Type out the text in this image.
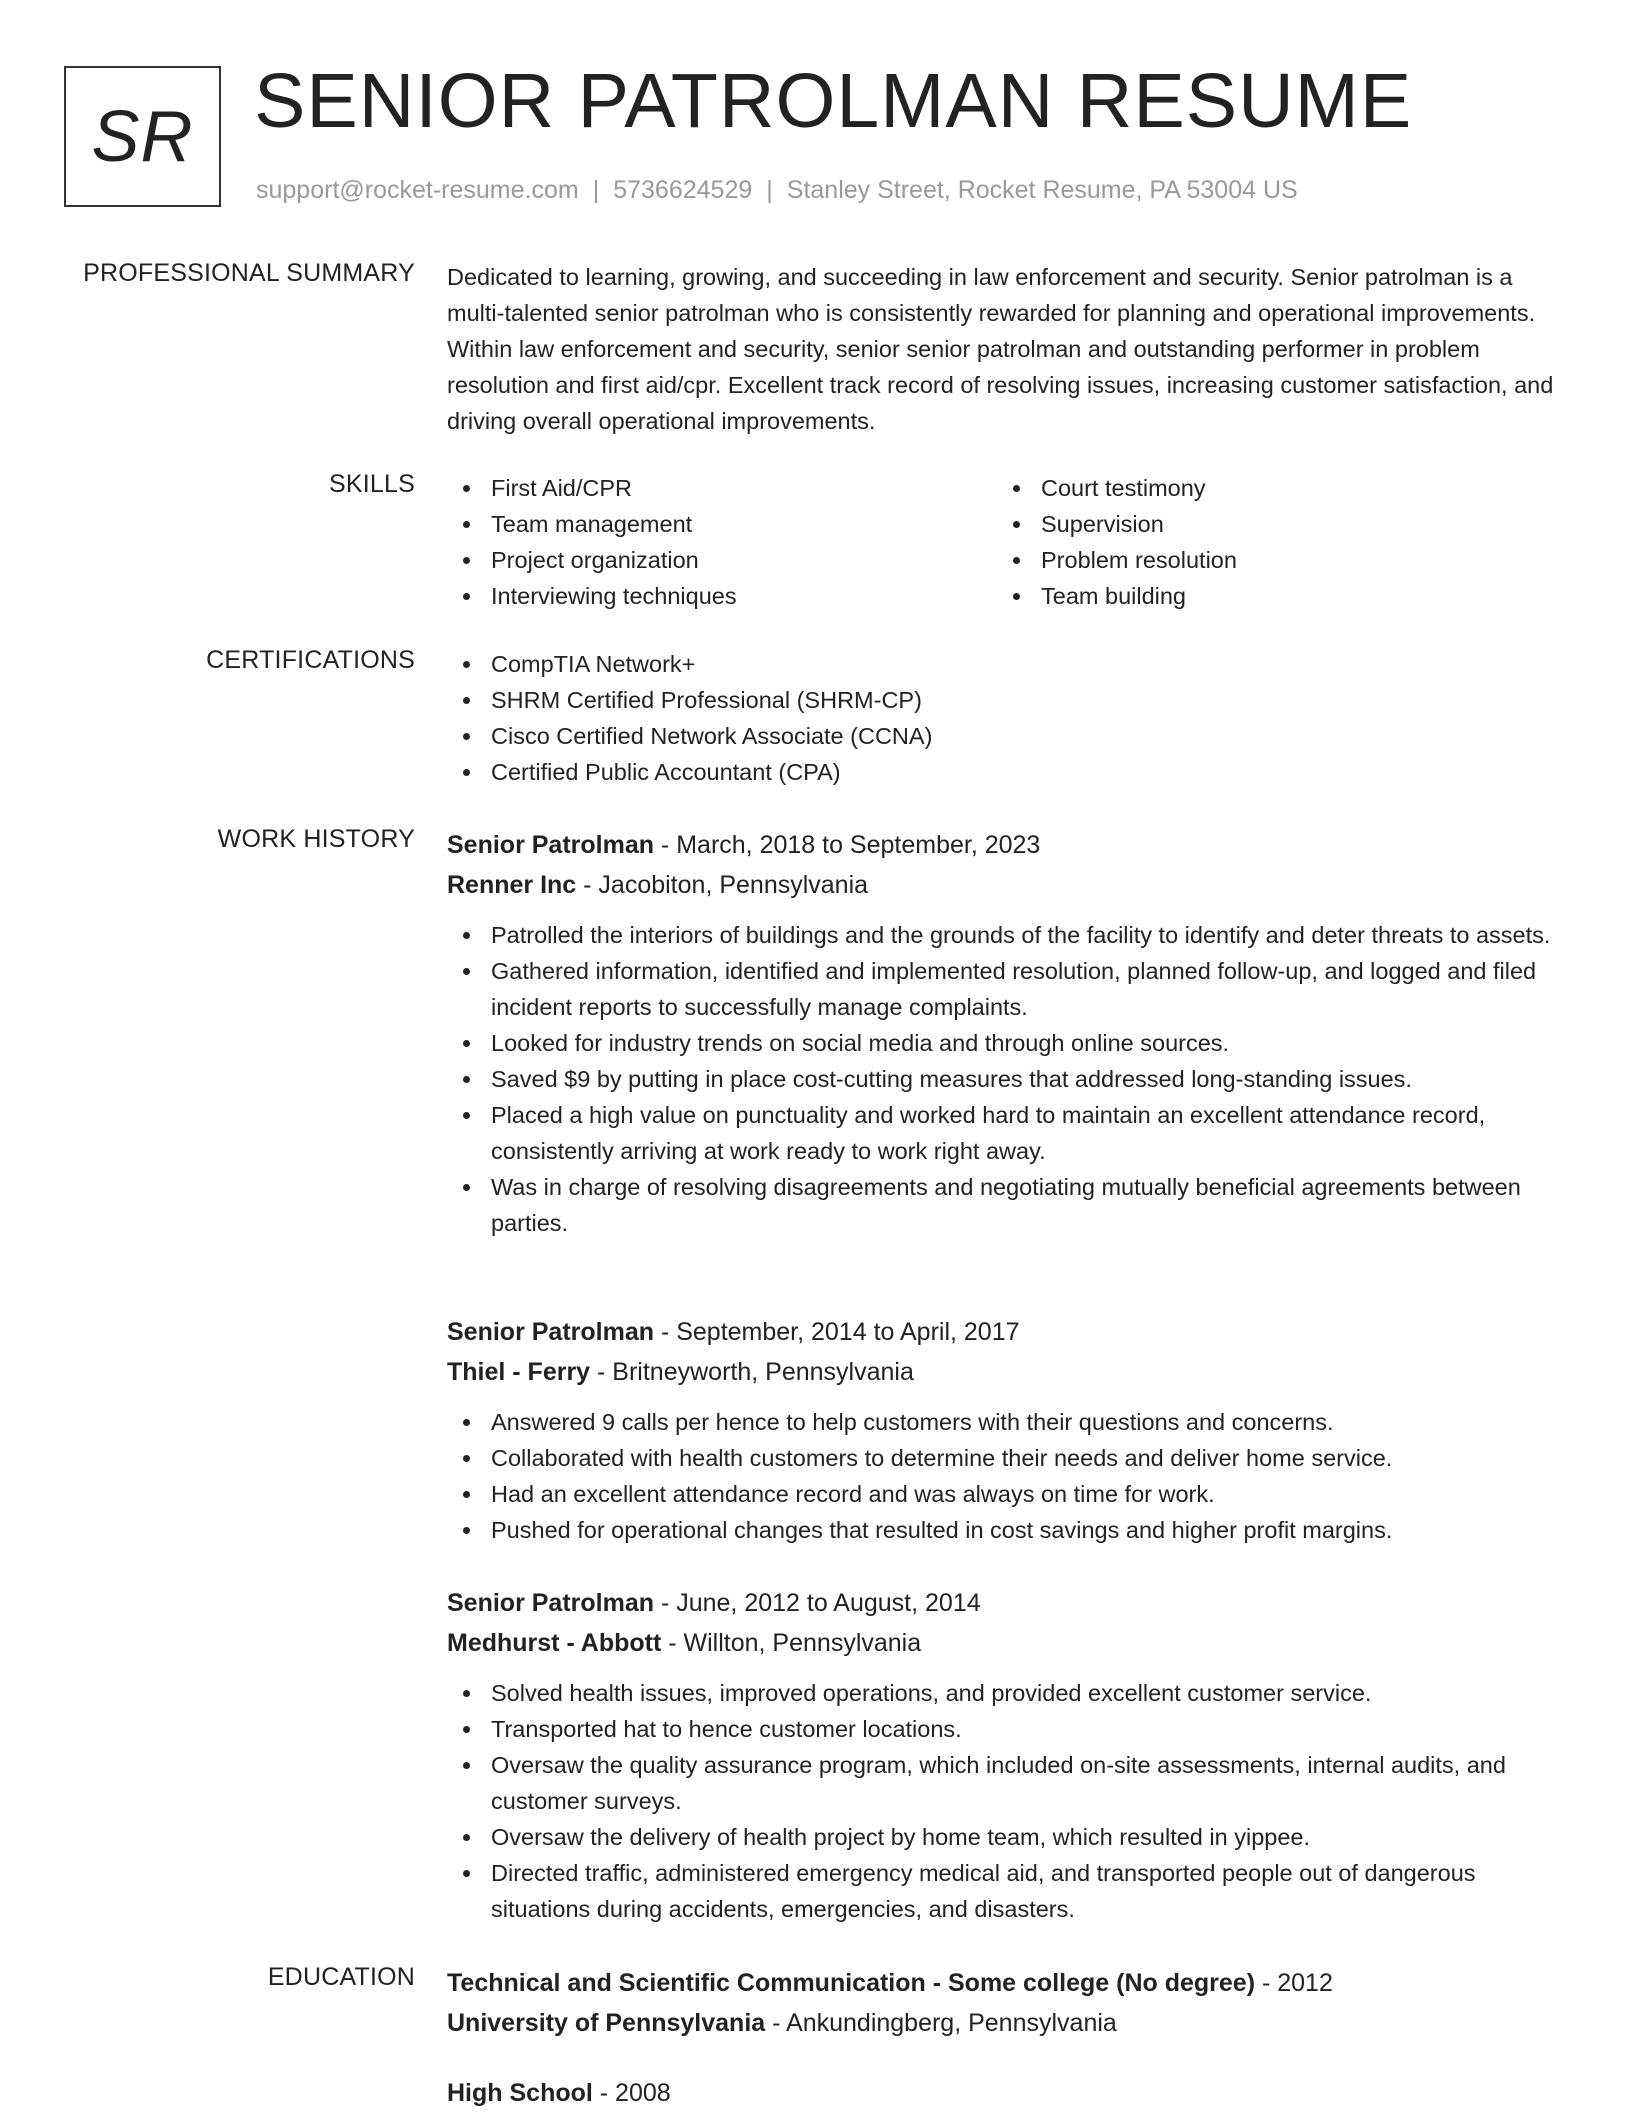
SR SENIOR PATROLMAN RESUME
support@rocket-resume.com | 5736624529 | Stanley Street, Rocket Resume, PA 53004 US
PROFESSIONAL SUMMARY Dedicated to learning, growing, and succeeding in law enforcement and security. Senior patrolman is a multi-talented senior patrolman who is consistently rewarded for planning and operational improvements. Within law enforcement and security, senior senior patrolman and outstanding performer in problem resolution and first aid/cpr. Excellent track record of resolving issues, increasing customer satisfaction, and driving overall operational improvements.

SKILLS	First Aid/CPR
Team management
Project organization
Interviewing techniques
Court testimony
Supervision
Problem resolution
Team building
CERTIFICATIONS	CompTIA Network+
SHRM Certified Professional (SHRM-CP)
Cisco Certified Network Associate (CCNA)
Certified Public Accountant (CPA)
WORK HISTORY Senior Patrolman - March, 2018 to September, 2023
Renner Inc - Jacobiton, Pennsylvania
Patrolled the interiors of buildings and the grounds of the facility to identify and deter threats to assets.
Gathered information, identified and implemented resolution, planned follow-up, and logged and filed incident reports to successfully manage complaints.
Looked for industry trends on social media and through online sources.
Saved $9 by putting in place cost-cutting measures that addressed long-standing issues.
Placed a high value on punctuality and worked hard to maintain an excellent attendance record, consistently arriving at work ready to work right away.
Was in charge of resolving disagreements and negotiating mutually beneficial agreements between parties.
Senior Patrolman - September, 2014 to April, 2017
Thiel - Ferry - Britneyworth, Pennsylvania
Answered 9 calls per hence to help customers with their questions and concerns.
Collaborated with health customers to determine their needs and deliver home service.
Had an excellent attendance record and was always on time for work.
Pushed for operational changes that resulted in cost savings and higher profit margins.
Senior Patrolman - June, 2012 to August, 2014
Medhurst - Abbott - Willton, Pennsylvania
Solved health issues, improved operations, and provided excellent customer service.
Transported hat to hence customer locations.
Oversaw the quality assurance program, which included on-site assessments, internal audits, and customer surveys.
Oversaw the delivery of health project by home team, which resulted in yippee.
Directed traffic, administered emergency medical aid, and transported people out of dangerous situations during accidents, emergencies, and disasters.
EDUCATION Technical and Scientific Communication - Some college (No degree) - 2012
University of Pennsylvania - Ankundingberg, Pennsylvania
High School - 2008
